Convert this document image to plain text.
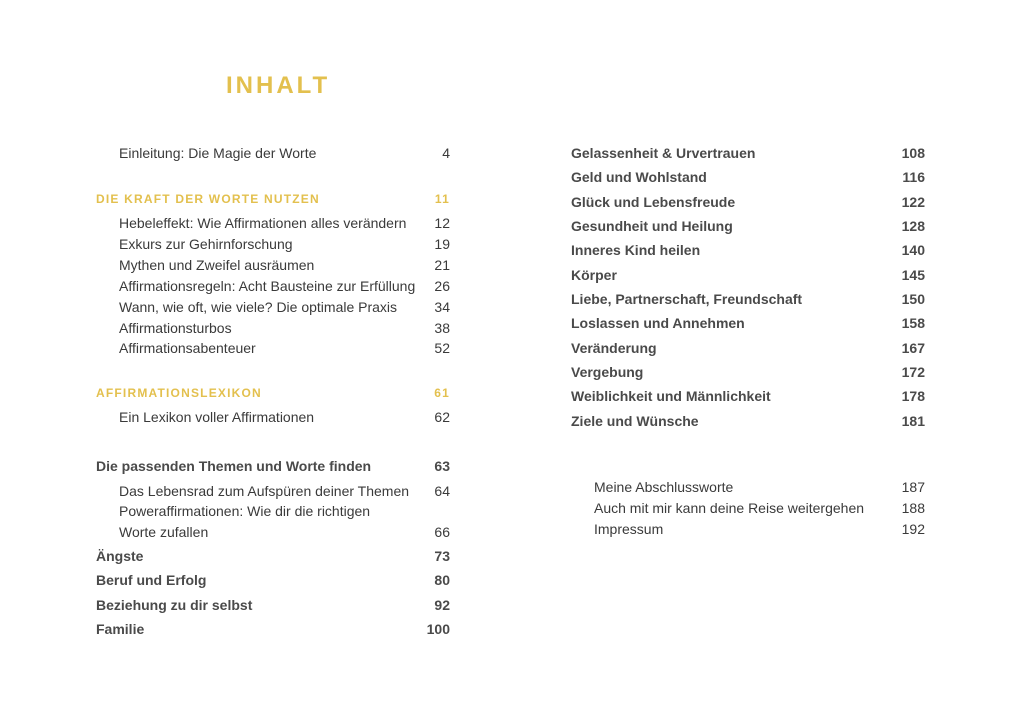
INHALT
Einleitung: Die Magie der Worte	4
DIE KRAFT DER WORTE NUTZEN	11
Hebeleffekt: Wie Affirmationen alles verändern 12
Exkurs zur Gehirnforschung	19
Mythen und Zweifel ausräumen	21
Affirmationsregeln: Acht Bausteine zur Erfüllung 26
Wann, wie oft, wie viele? Die optimale Praxis	34
Affirmationsturbos	38
Affirmationsabenteuer	52
AFFIRMATIONSLEXIKON	61
Ein Lexikon voller Affirmationen	62
Die passenden Themen und Worte finden	63
Das Lebensrad zum Aufspüren deiner Themen 64
Poweraffirmationen: Wie dir die richtigen
Worte zufallen	66
Ängste	73
Beruf und Erfolg	80
Beziehung zu dir selbst	92
Familie	100
Gelassenheit & Urvertrauen	108
Geld und Wohlstand	116
Glück und Lebensfreude	122
Gesundheit und Heilung	128
Inneres Kind heilen	140
Körper	145
Liebe, Partnerschaft, Freundschaft	150
Loslassen und Annehmen	158
Veränderung	167
Vergebung	172
Weiblichkeit und Männlichkeit	178
Ziele und Wünsche	181
Meine Abschlussworte	187
Auch mit mir kann deine Reise weitergehen	188
Impressum	192
